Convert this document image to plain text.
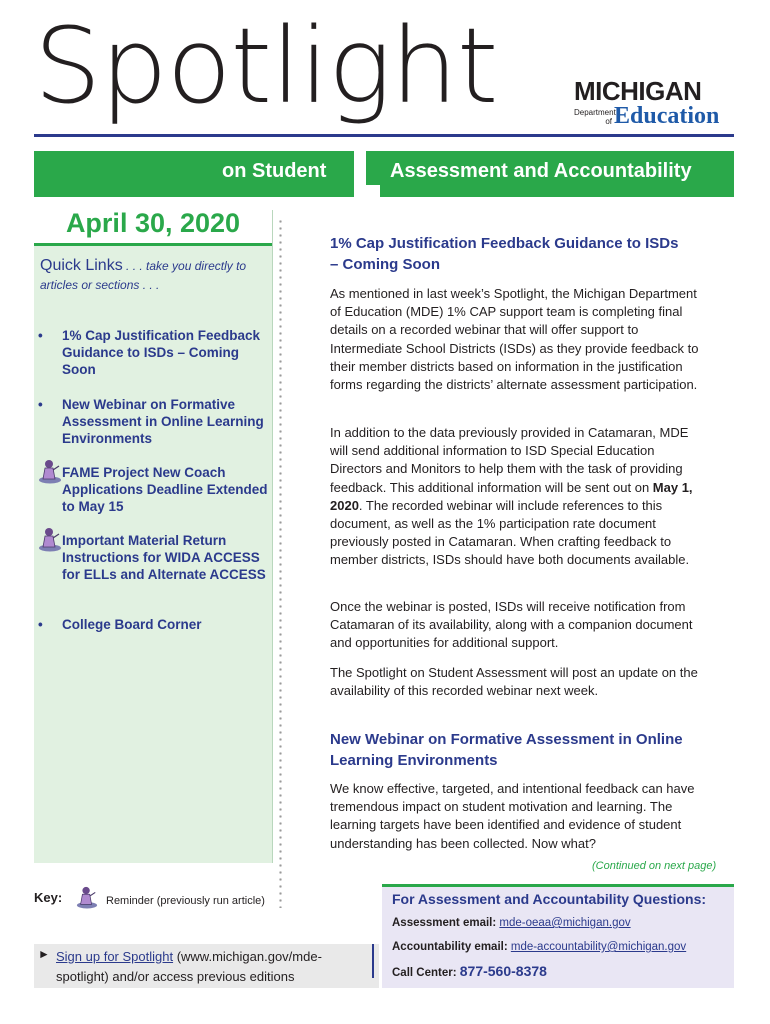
Spotlight
on Student	Assessment and Accountability
MICHIGAN
Department
of Education
April 30, 2020
Quick Links . . . take you directly to
articles or sections . . .
• 1% Cap Justification Feedback Guidance to ISDs – Coming Soon
• New Webinar on Formative Assessment in Online Learning Environments
FAME Project New Coach Applications Deadline Extended to May 15
Important Material Return Instructions for WIDA ACCESS for ELLs and Alternate ACCESS
• College Board Corner
Key:	Reminder (previously run article)
► Sign up for Spotlight (www.michigan.gov/mde-spotlight) and/or access previous editions
1% Cap Justification Feedback Guidance to ISDs – Coming Soon
As mentioned in last week’s Spotlight, the Michigan Department of Education (MDE) 1% CAP support team is completing final details on a recorded webinar that will offer support to Intermediate School Districts (ISDs) as they provide feedback to their member districts based on information in the justification forms regarding the districts’ alternate assessment participation.
In addition to the data previously provided in Catamaran, MDE will send additional information to ISD Special Education Directors and Monitors to help them with the task of providing feedback. This additional information will be sent out on May 1, 2020. The recorded webinar will include references to this document, as well as the 1% participation rate document previously posted in Catamaran. When crafting feedback to member districts, ISDs should have both documents available.
Once the webinar is posted, ISDs will receive notification from Catamaran of its availability, along with a companion document and opportunities for additional support.
The Spotlight on Student Assessment will post an update on the availability of this recorded webinar next week.
New Webinar on Formative Assessment in Online Learning Environments
We know effective, targeted, and intentional feedback can have tremendous impact on student motivation and learning. The learning targets have been identified and evidence of student understanding has been collected. Now what?
(Continued on next page)
For Assessment and Accountability Questions:
Assessment email: mde-oeaa@michigan.gov
Accountability email: mde-accountability@michigan.gov
Call Center: 877-560-8378
